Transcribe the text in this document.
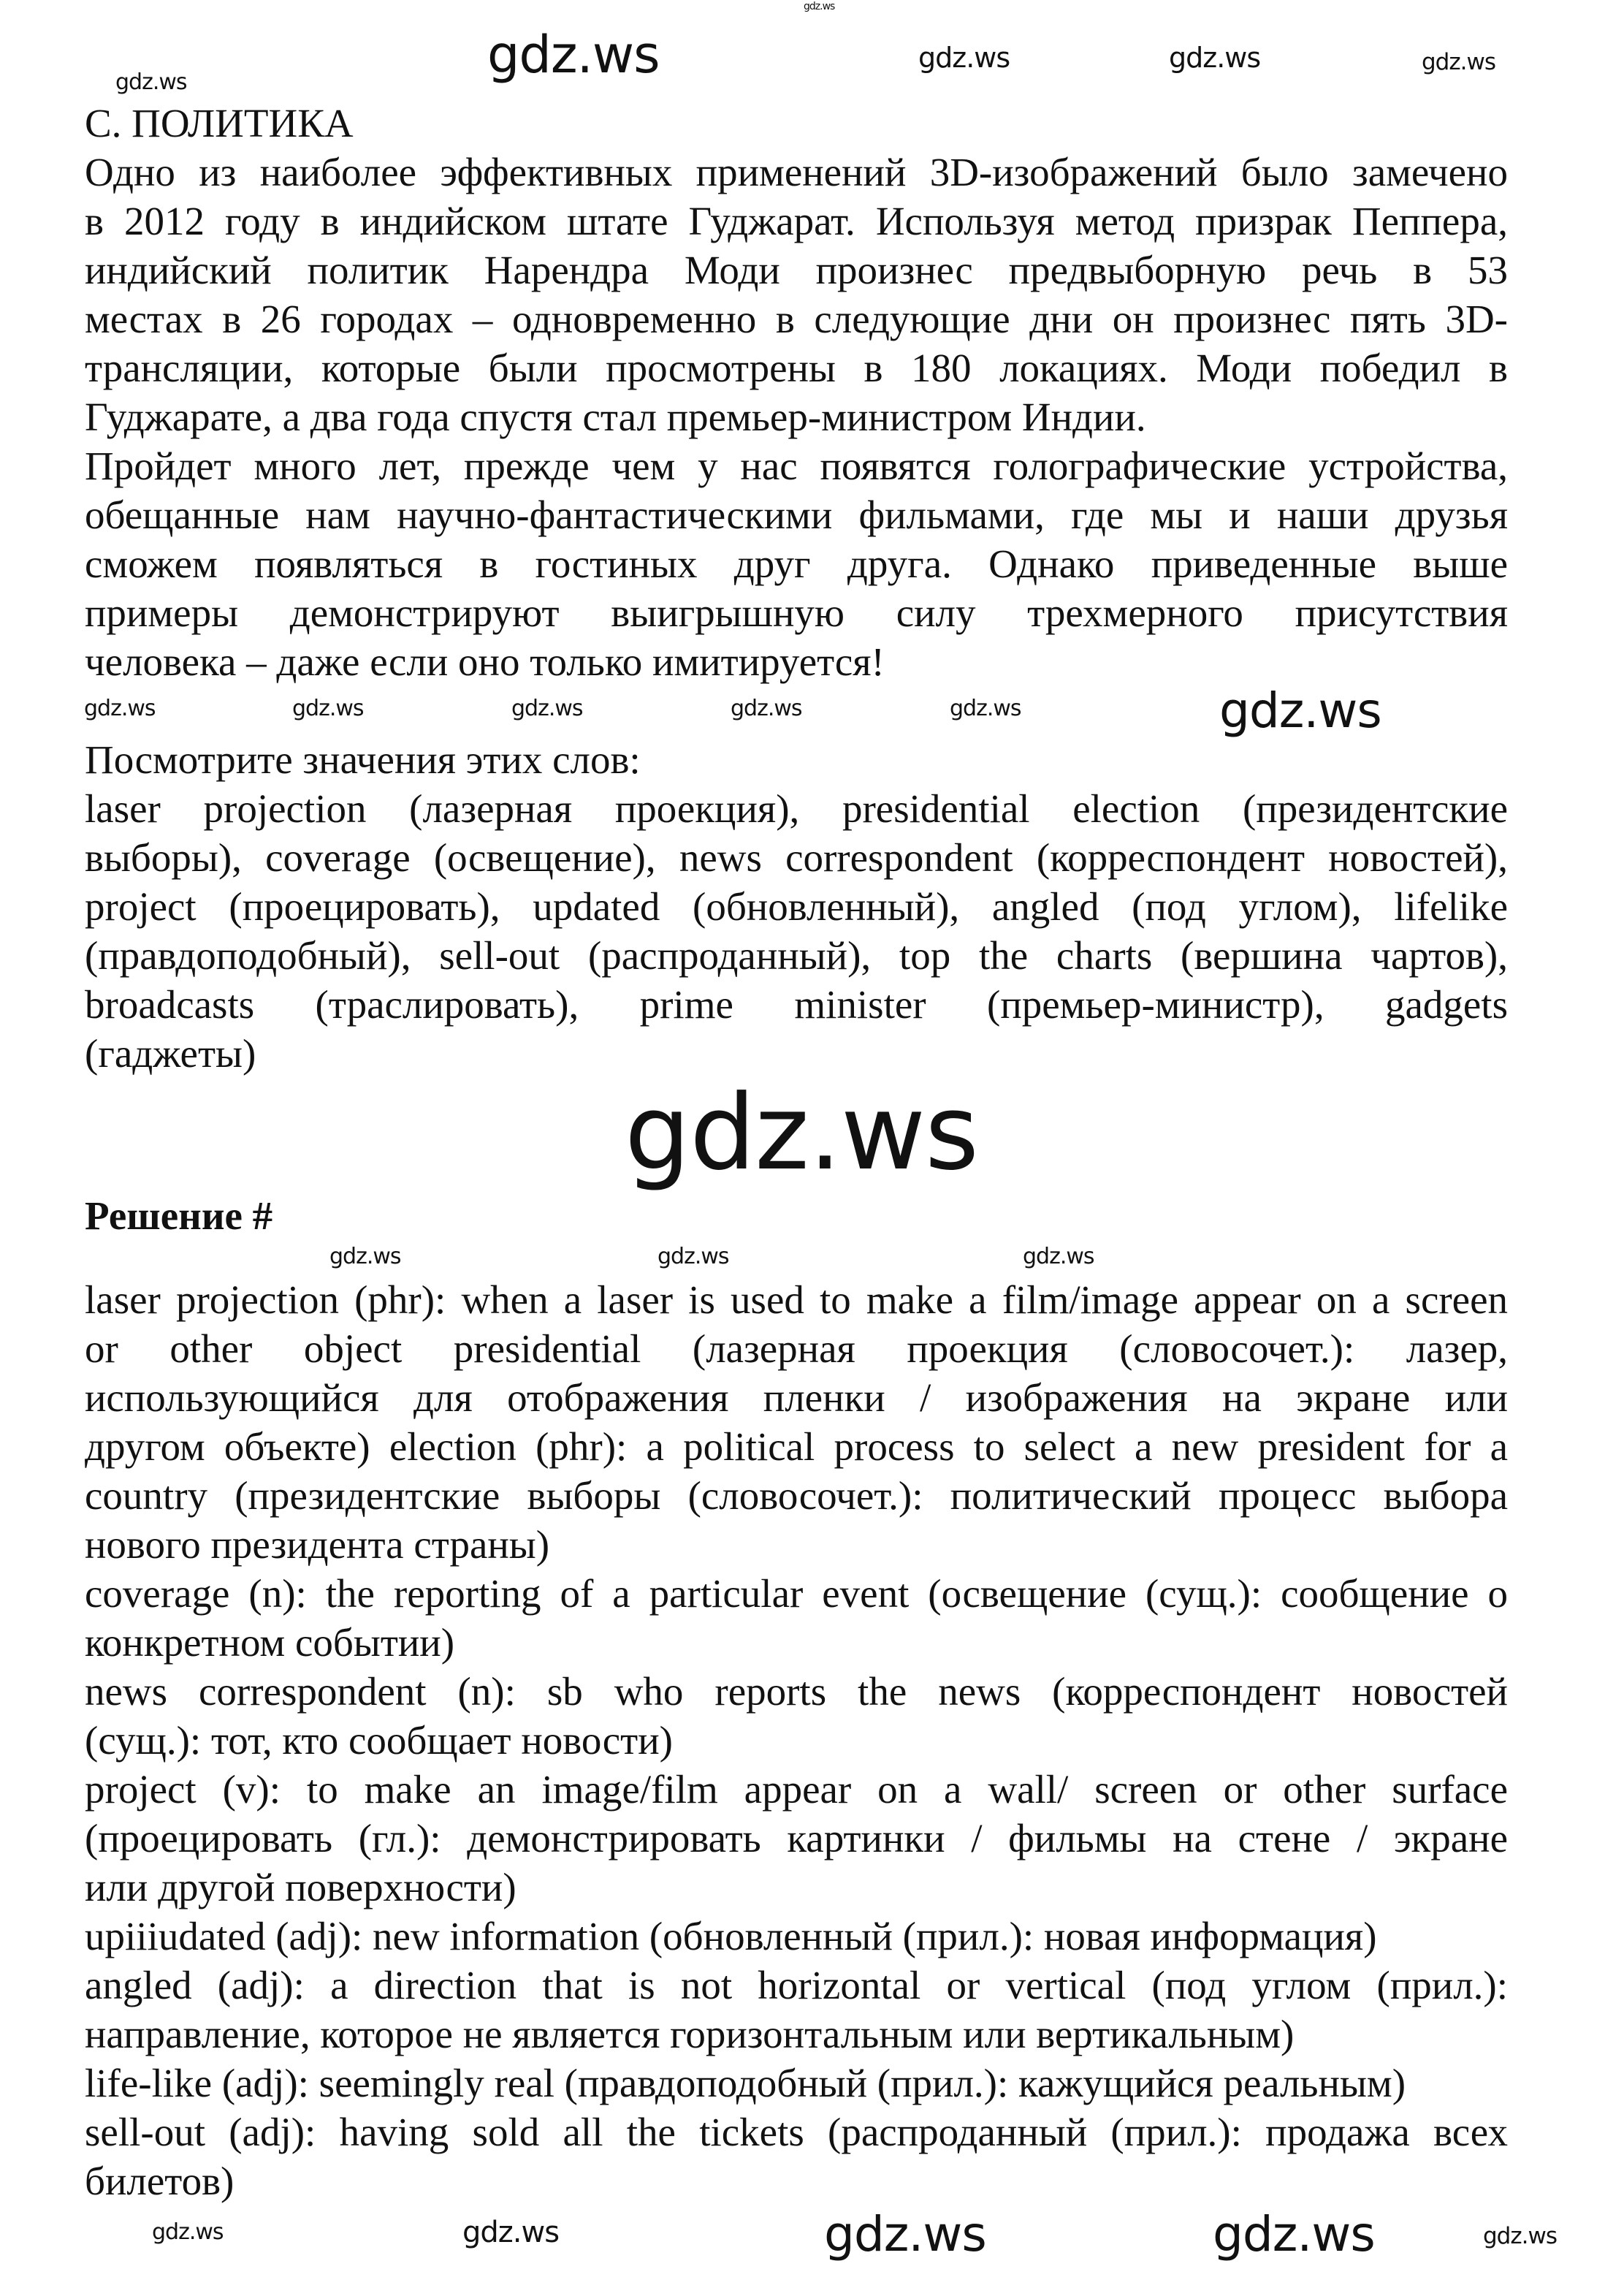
С. ПОЛИТИКА
Одно из наиболее эффективных применений 3D-изображений было замечено
в 2012 году в индийском штате Гуджарат. Используя метод призрак Пеппера,
индийский политик Нарендра Моди произнес предвыборную речь в 53
местах в 26 городах – одновременно в следующие дни он произнес пять 3D-
трансляции, которые были просмотрены в 180 локациях. Моди победил в
Гуджарате, а два года спустя стал премьер-министром Индии.
Пройдет много лет, прежде чем у нас появятся голографические устройства,
обещанные нам научно-фантастическими фильмами, где мы и наши друзья
сможем появляться в гостиных друг друга. Однако приведенные выше
примеры демонстрируют выигрышную силу трехмерного присутствия
человека – даже если оно только имитируется!
Посмотрите значения этих слов:
laser projection (лазерная проекция), presidential election (президентские
выборы), coverage (освещение), news correspondent (корреспондент новостей),
project (проецировать), updated (обновленный), angled (под углом), lifelike
(правдоподобный), sell-out (распроданный), top the charts (вершина чартов),
broadcasts (траслировать), prime minister (премьер-министр), gadgets
(гаджеты)
Решение #
laser projection (phr): when a laser is used to make a film/image appear on a screen
or other object presidential (лазерная проекция (словосочет.): лазер,
использующийся для отображения пленки / изображения на экране или
другом объекте) election (phr): a political process to select a new president for a
country (президентские выборы (словосочет.): политический процесс выбора
нового президента страны)
coverage (n): the reporting of a particular event (освещение (сущ.): сообщение о
конкретном событии)
news correspondent (n): sb who reports the news (корреспондент новостей
(сущ.): тот, кто сообщает новости)
project (v): to make an image/film appear on a wall/ screen or other surface
(проецировать (гл.): демонстрировать картинки / фильмы на стене / экране
или другой поверхности)
upiiiudated (adj): new information (обновленный (прил.): новая информация)
angled (adj): a direction that is not horizontal or vertical (под углом (прил.):
направление, которое не является горизонтальным или вертикальным)
life-like (adj): seemingly real (правдоподобный (прил.): кажущийся реальным)
sell-out (adj): having sold all the tickets (распроданный (прил.): продажа всех
билетов)
gdz.ws
gdz.ws	gdz.ws	gdz.ws	gdz.ws
gdz.ws
gdz.ws	gdz.ws	gdz.ws	gdz.ws	gdz.ws	gdz.ws
gdz.ws
gdz.ws	gdz.ws	gdz.ws
gdz.ws	gdz.ws	gdz.ws	gdz.ws	gdz.ws
